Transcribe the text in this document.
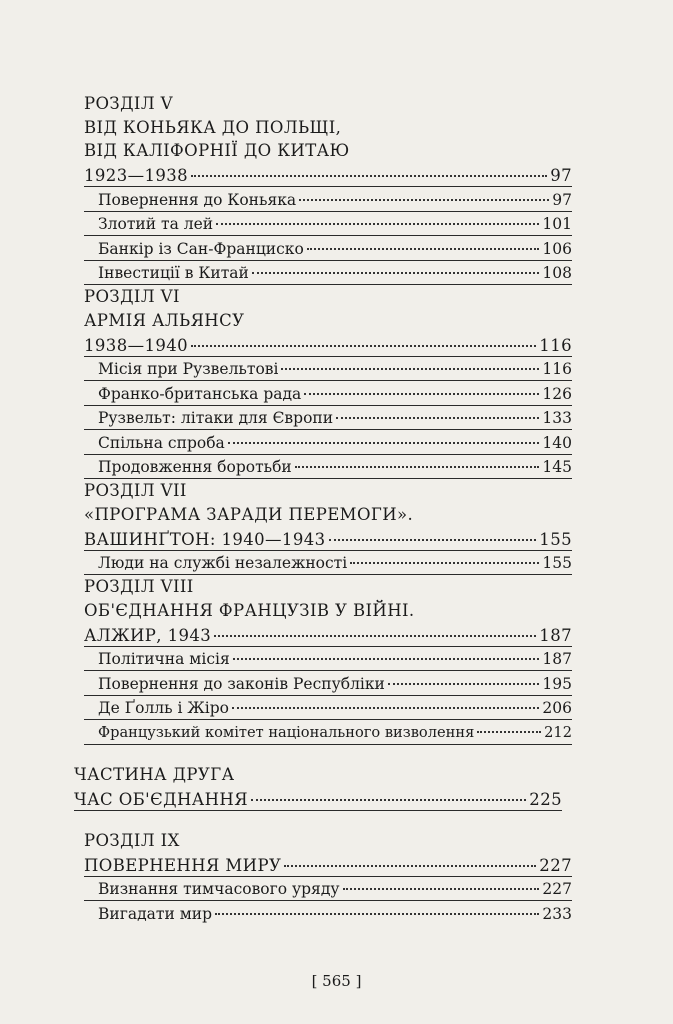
РОЗДІЛ V
ВІД КОНЬЯКА ДО ПОЛЬЩІ,
ВІД КАЛІФОРНІЇ ДО КИТАЮ
1923—1938	97
Повернення до Коньяка	97
Злотий та лей	101
Банкір із Сан-Франциско	106
Інвестиції в Китай	108
РОЗДІЛ VI
АРМІЯ АЛЬЯНСУ
1938—1940	116
Місія при Рузвельтові	116
Франко-британська рада	126
Рузвельт: літаки для Європи	133
Спільна спроба	140
Продовження боротьби	145
РОЗДІЛ VII
«ПРОГРАМА ЗАРАДИ ПЕРЕМОГИ».
ВАШИНҐТОН: 1940—1943	155
Люди на службі незалежності	155
РОЗДІЛ VIII
ОБ'ЄДНАННЯ ФРАНЦУЗІВ У ВІЙНІ.
АЛЖИР, 1943	187
Політична місія	187
Повернення до законів Республіки	195
Де Ґолль і Жіро	206
Французький комітет національного визволення	212
ЧАСТИНА ДРУГА
ЧАС ОБ'ЄДНАННЯ	225
РОЗДІЛ IX
ПОВЕРНЕННЯ МИРУ	227
Визнання тимчасового уряду	227
Вигадати мир	233
[ 565 ]
